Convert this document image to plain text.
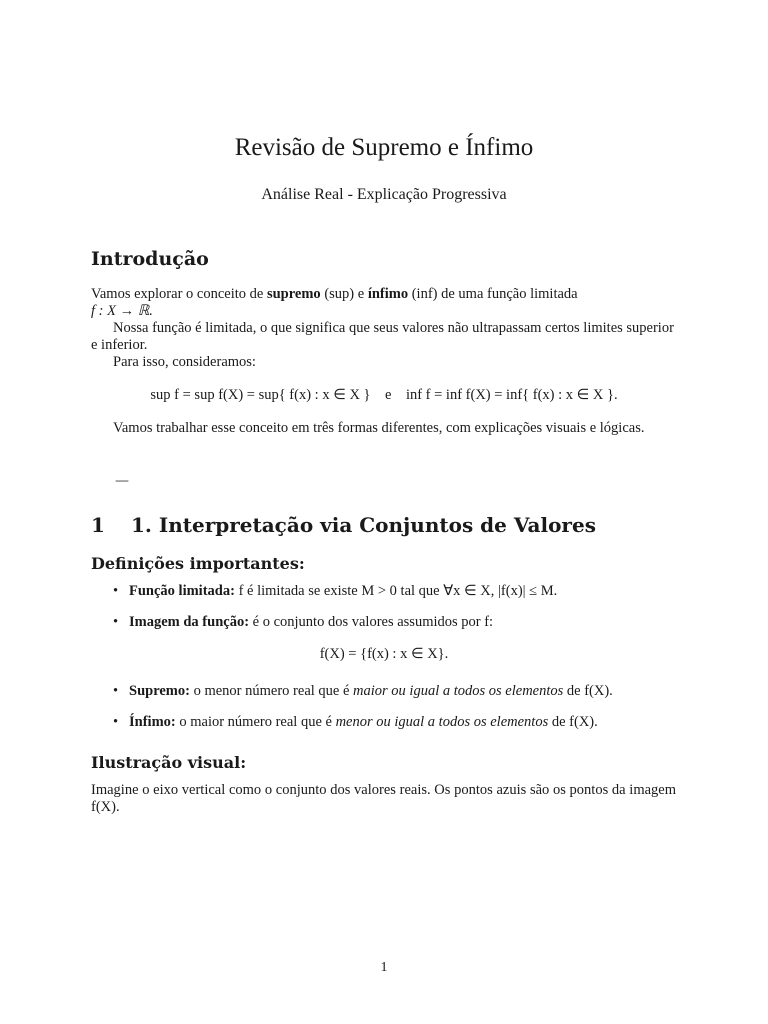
Revisão de Supremo e Ínfimo
Análise Real - Explicação Progressiva
Introdução
Vamos explorar o conceito de supremo (sup) e ínfimo (inf) de uma função limitada
f : X → ℝ.
Nossa função é limitada, o que significa que seus valores não ultrapassam certos limites superior e inferior.
Para isso, consideramos:
sup f = sup f(X) = sup{ f(x) : x ∈ X }    e    inf f = inf f(X) = inf{ f(x) : x ∈ X }.
Vamos trabalhar esse conceito em três formas diferentes, com explicações visuais e lógicas.
—
1 1. Interpretação via Conjuntos de Valores
Definições importantes:
• Função limitada: f é limitada se existe M > 0 tal que ∀x ∈ X, |f(x)| ≤ M.
• Imagem da função: é o conjunto dos valores assumidos por f:
f(X) = {f(x) : x ∈ X}.
• Supremo: o menor número real que é maior ou igual a todos os elementos de f(X).
• Ínfimo: o maior número real que é menor ou igual a todos os elementos de f(X).
Ilustração visual:
Imagine o eixo vertical como o conjunto dos valores reais. Os pontos azuis são os pontos da imagem f(X).
1
